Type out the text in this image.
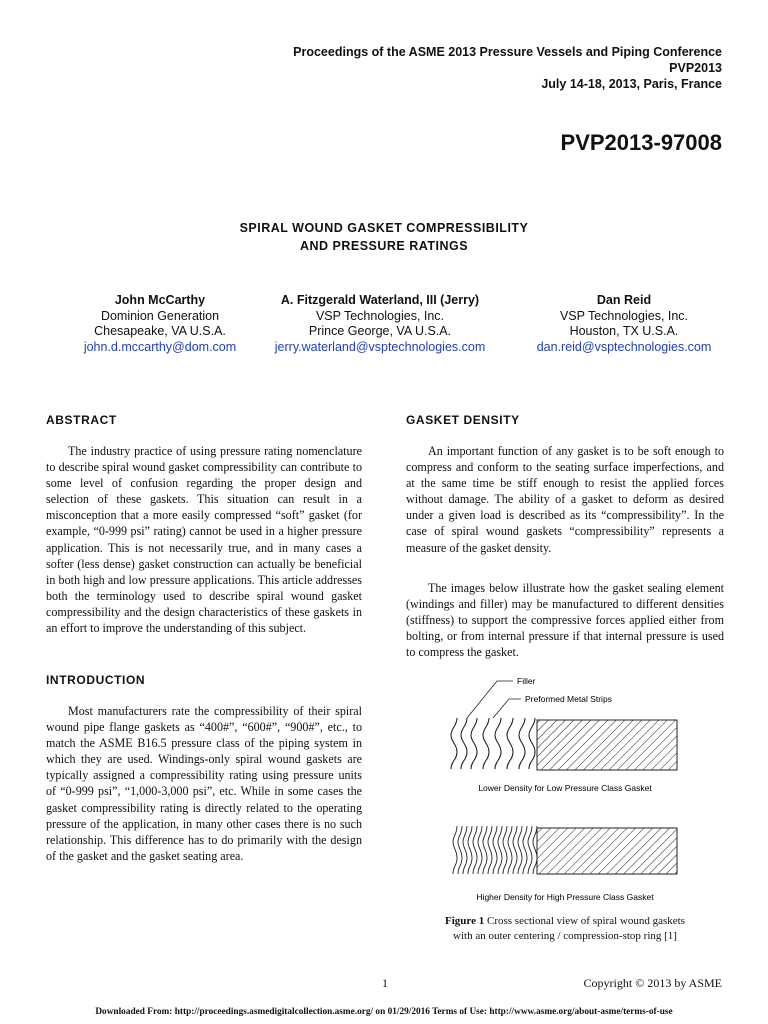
Proceedings of the ASME 2013 Pressure Vessels and Piping Conference
PVP2013
July 14-18, 2013, Paris, France
PVP2013-97008
SPIRAL WOUND GASKET COMPRESSIBILITY
AND PRESSURE RATINGS
John McCarthy
Dominion Generation
Chesapeake, VA U.S.A.
john.d.mccarthy@dom.com
A. Fitzgerald Waterland, III (Jerry)
VSP Technologies, Inc.
Prince George, VA U.S.A.
jerry.waterland@vsptechnologies.com
Dan Reid
VSP Technologies, Inc.
Houston, TX U.S.A.
dan.reid@vsptechnologies.com
ABSTRACT

The industry practice of using pressure rating nomenclature to describe spiral wound gasket compressibility can contribute to some level of confusion regarding the proper design and selection of these gaskets. This situation can result in a misconception that a more easily compressed “soft” gasket (for example, “0-999 psi” rating) cannot be used in a higher pressure application. This is not necessarily true, and in many cases a softer (less dense) gasket construction can actually be beneficial in both high and low pressure applications. This article addresses both the terminology used to describe spiral wound gasket compressibility and the design characteristics of these gaskets in an effort to improve the understanding of this subject.

INTRODUCTION

Most manufacturers rate the compressibility of their spiral wound pipe flange gaskets as “400#”, “600#”, “900#”, etc., to match the ASME B16.5 pressure class of the piping system in which they are used. Windings-only spiral wound gaskets are typically assigned a compressibility rating using pressure units of “0-999 psi”, “1,000-3,000 psi”, etc. While in some cases the gasket compressibility rating is directly related to the operating pressure of the application, in many other cases there is no such relationship. This difference has to do primarily with the design of the gasket and the gasket seating area.

GASKET DENSITY

An important function of any gasket is to be soft enough to compress and conform to the seating surface imperfections, and at the same time be stiff enough to resist the applied forces without damage. The ability of a gasket to deform as desired under a given load is described as its “compressibility”. In the case of spiral wound gaskets “compressibility” represents a measure of the gasket density.

The images below illustrate how the gasket sealing element (windings and filler) may be manufactured to different densities (stiffness) to support the compressive forces applied either from bolting, or from internal pressure if that internal pressure is used to compress the gasket.

Filler
Preformed Metal Strips
Lower Density for Low Pressure Class Gasket
Higher Density for High Pressure Class Gasket
Figure 1 Cross sectional view of spiral wound gaskets
with an outer centering / compression-stop ring [1]
1	Copyright © 2013 by ASME
Downloaded From: http://proceedings.asmedigitalcollection.asme.org/ on 01/29/2016 Terms of Use: http://www.asme.org/about-asme/terms-of-use
